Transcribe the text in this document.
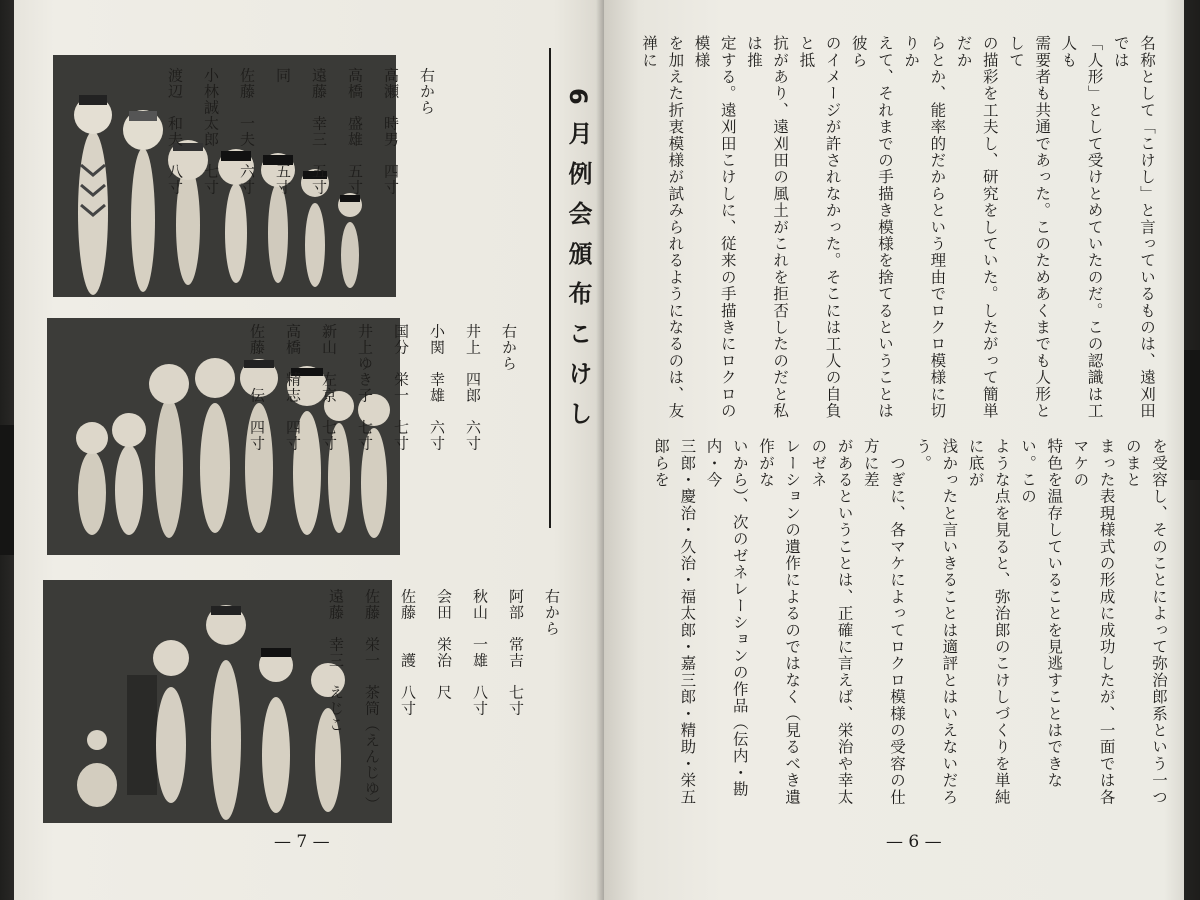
6月例会頒布こけし

右から

高瀬　時男　四寸

高橋　盛雄　五寸

遠藤　幸三　五寸

同　　　　　五寸

佐藤　一夫　六寸

小林誠太郎　七寸

渡辺　和夫　八寸

右から

井上　四郎　六寸

小関　幸雄　六寸

国分　栄一　七寸

井上ゆき子　七寸

新山　左京　七寸

高橋　精志　四寸

佐藤　　伝　四寸

右から

阿部　常吉　七寸

秋山　一雄　八寸

会田　栄治　尺

佐藤　　護　八寸

佐藤　栄一　茶筒（えんじゆ）

遠藤　幸三　えじこ

— 7 —
名称として「こけし」と言っているものは、遠刈田では
「人形」として受けとめていたのだ。この認識は工人も
需要者も共通であった。このためあくまでも人形として
の描彩を工夫し、研究をしていた。したがって簡単だか
らとか、能率的だからという理由でロクロ模様に切りか
えて、それまでの手描き模様を捨てるということは彼ら
のイメージが許されなかった。そこには工人の自負と抵
抗があり、遠刈田の風土がこれを拒否したのだと私は推
定する。遠刈田こけしに、従来の手描きにロクロの模様
を加えた折衷模様が試みられるようになるのは、友禅に

を受容し、そのことによって弥治郎系という一つのまと
まった表現様式の形成に成功したが、一面では各マケの
特色を温存していることを見逃すことはできない。この
ような点を見ると、弥治郎のこけしづくりを単純に底が
浅かったと言いきることは適評とはいえないだろう。
　つぎに、各マケによってロクロ模様の受容の仕方に差
があるということは、正確に言えば、栄治や幸太のゼネ
レーションの遺作によるのではなく（見るべき遺作がな
いから）、次のゼネレーションの作品（伝内・勘内・今
三郎・慶治・久治・福太郎・嘉三郎・精助・栄五郎らを

— 6 —
